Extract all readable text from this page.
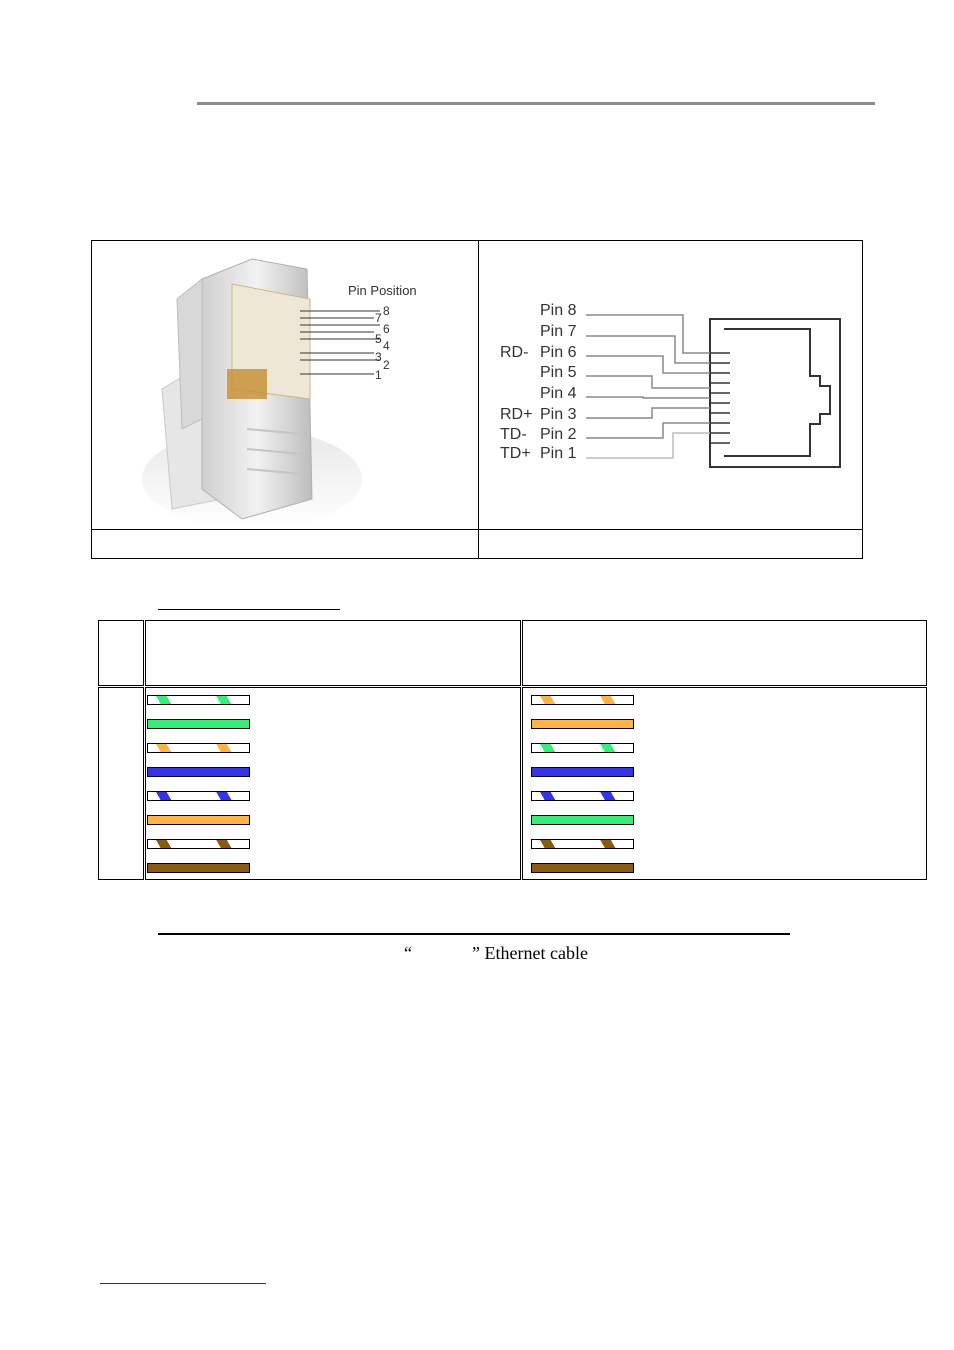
Pin Position
8
7
6
5 4
3
2
1
Pin 8
Pin 7
RD- Pin 6
Pin 5
Pin 4
RD+ Pin 3
TD- Pin 2
TD+ Pin 1
“	” Ethernet cable
